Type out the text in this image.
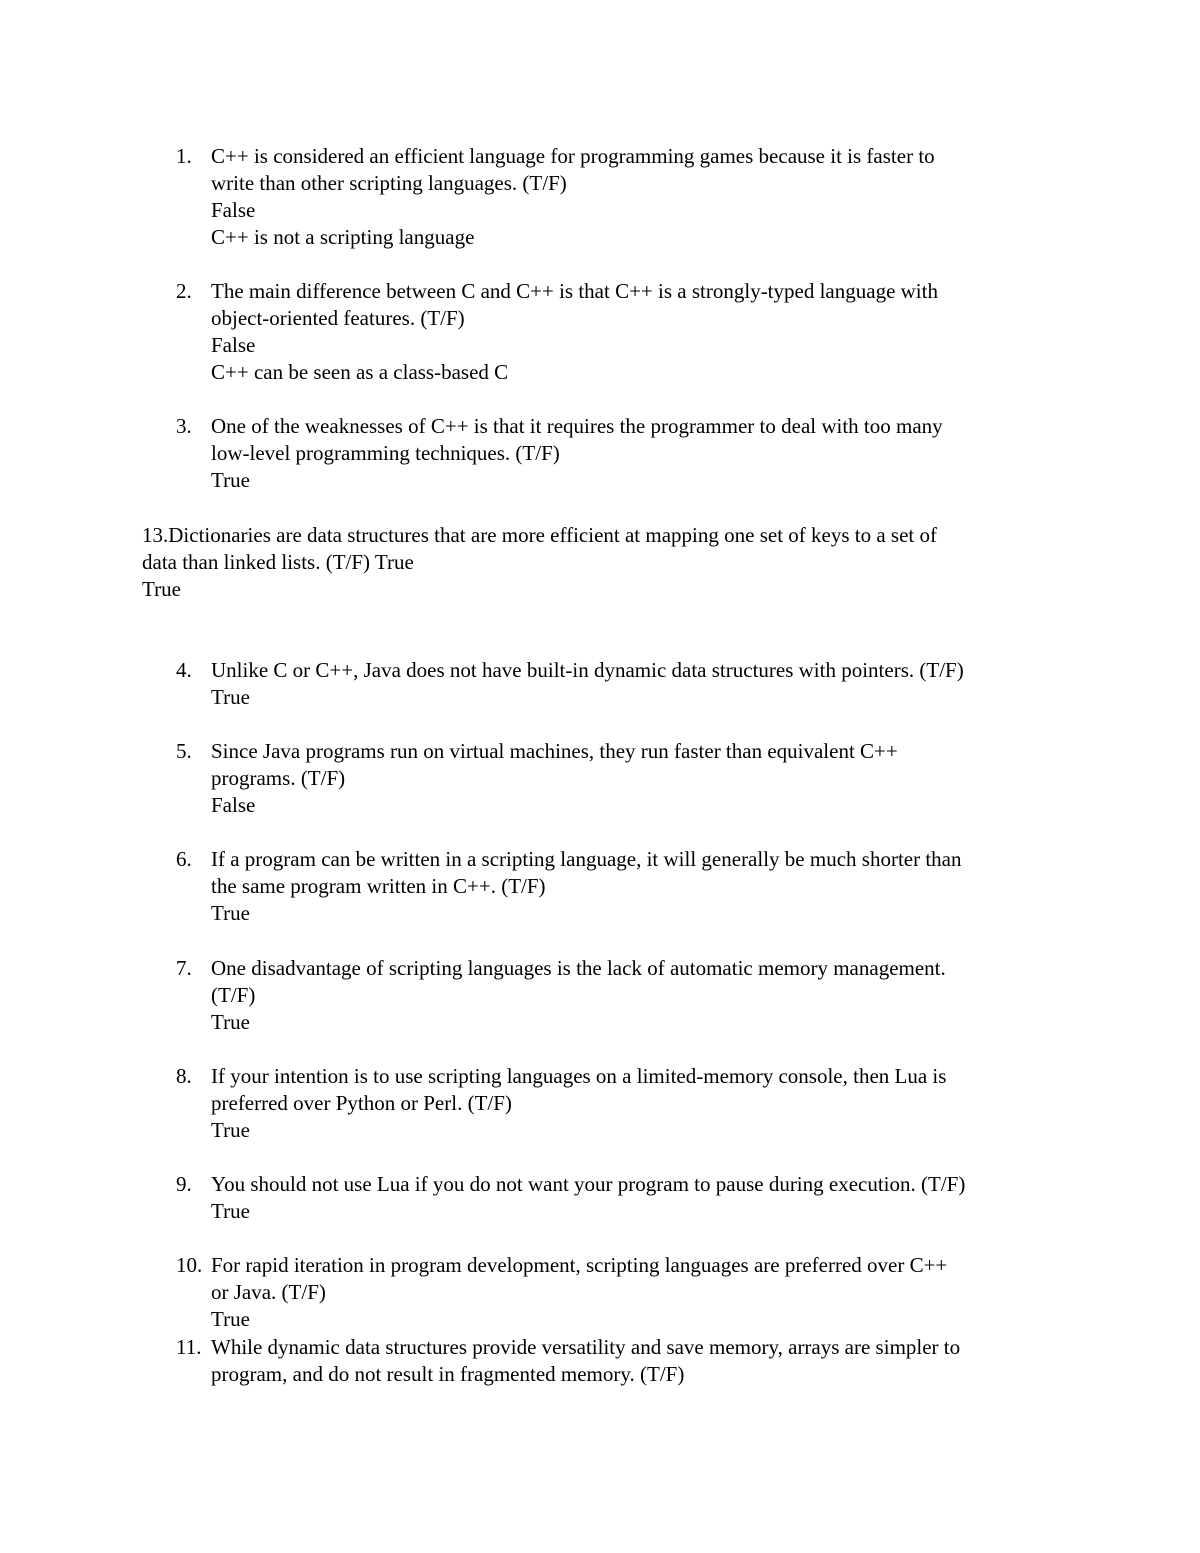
1. C++ is considered an efficient language for programming games because it is faster to
write than other scripting languages. (T/F)
False
C++ is not a scripting language
2. The main difference between C and C++ is that C++ is a strongly-typed language with
object-oriented features. (T/F)
False
C++ can be seen as a class-based C
3. One of the weaknesses of C++ is that it requires the programmer to deal with too many
low-level programming techniques. (T/F)
True
13.Dictionaries are data structures that are more efficient at mapping one set of keys to a set of
data than linked lists. (T/F) True
True
4. Unlike C or C++, Java does not have built-in dynamic data structures with pointers. (T/F)
True
5. Since Java programs run on virtual machines, they run faster than equivalent C++
programs. (T/F)
False
6. If a program can be written in a scripting language, it will generally be much shorter than
the same program written in C++. (T/F)
True
7. One disadvantage of scripting languages is the lack of automatic memory management.
(T/F)
True
8. If your intention is to use scripting languages on a limited-memory console, then Lua is
preferred over Python or Perl. (T/F)
True
9. You should not use Lua if you do not want your program to pause during execution. (T/F)
True
10. For rapid iteration in program development, scripting languages are preferred over C++
or Java. (T/F)
True
11. While dynamic data structures provide versatility and save memory, arrays are simpler to
program, and do not result in fragmented memory. (T/F)
